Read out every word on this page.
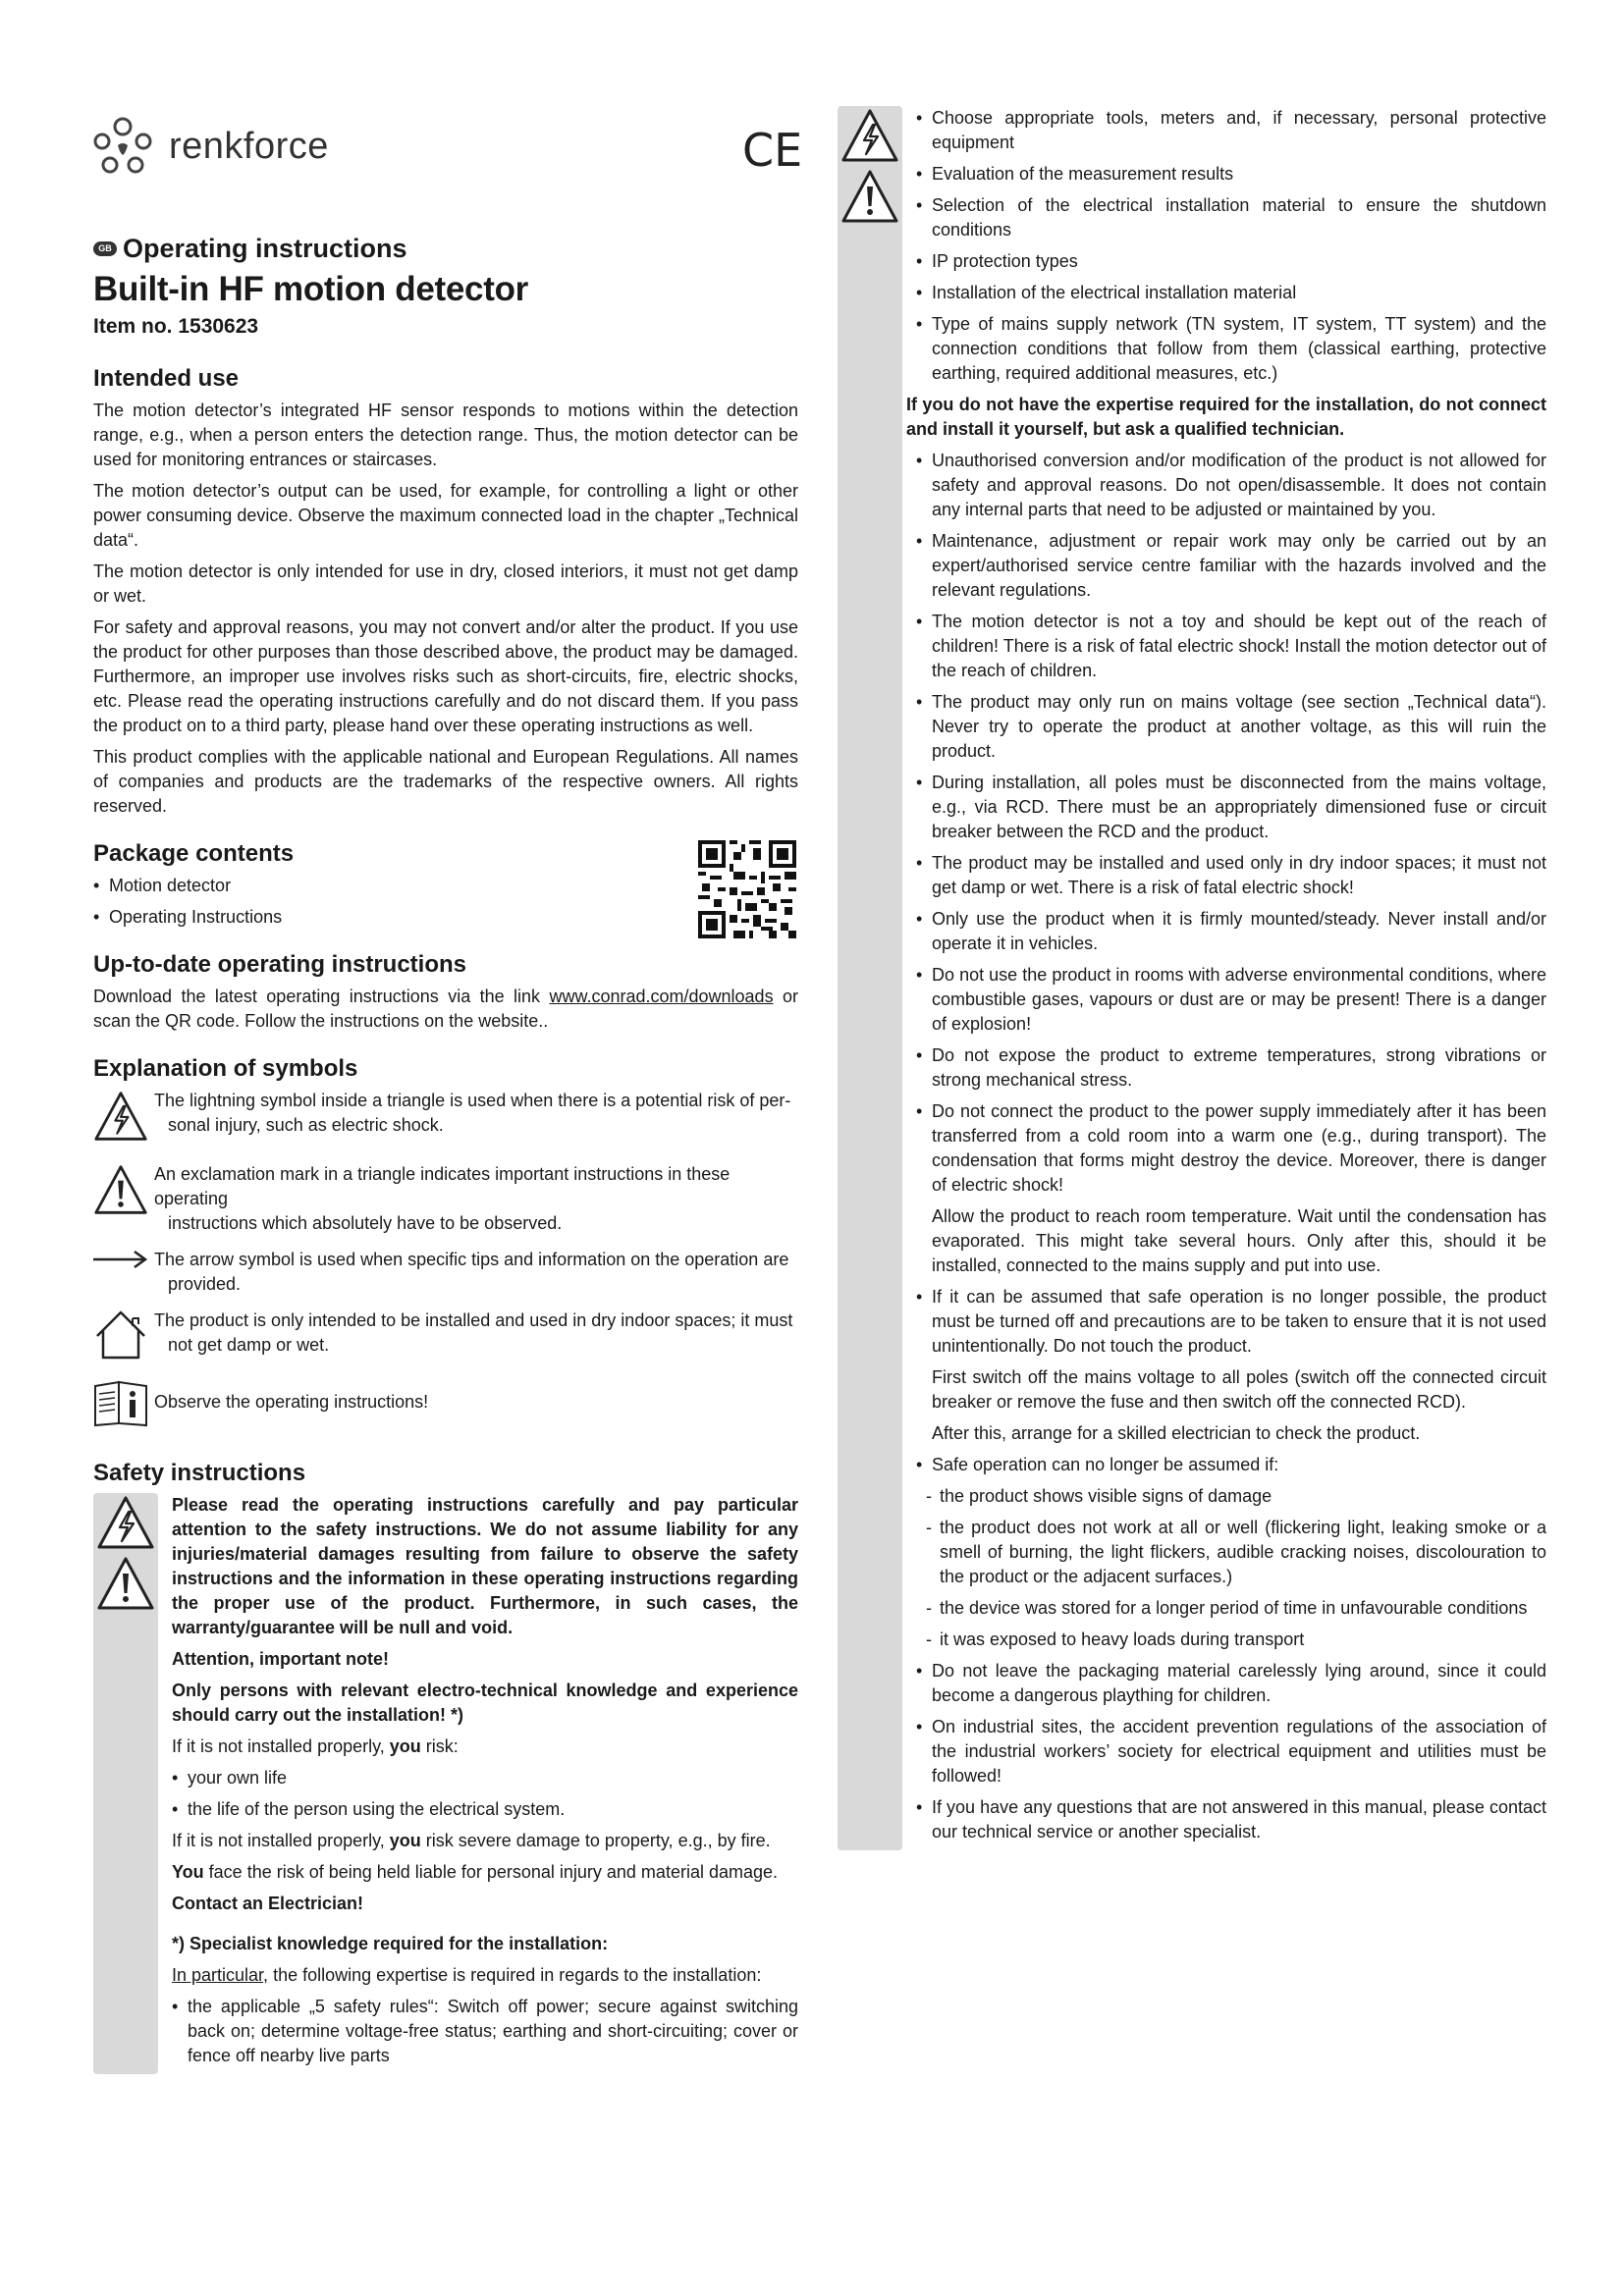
renkforce	CE
GB Operating instructions
Built-in HF motion detector
Item no. 1530623
Intended use

The motion detector’s integrated HF sensor responds to motions within the detection range, e.g., when a person enters the detection range. Thus, the motion detector can be used for monitoring entrances or staircases.

The motion detector’s output can be used, for example, for controlling a light or other power consuming device. Observe the maximum connected load in the chapter „Technical data“.

The motion detector is only intended for use in dry, closed interiors, it must not get damp or wet.

For safety and approval reasons, you may not convert and/or alter the product. If you use the product for other purposes than those described above, the product may be damaged. Furthermore, an improper use involves risks such as short-circuits, fire, electric shocks, etc. Please read the operating instructions carefully and do not discard them. If you pass the product on to a third party, please hand over these operating instructions as well.

This product complies with the applicable national and European Regulations. All names of companies and products are the trademarks of the respective owners. All rights reserved.

Package contents
• Motion detector
• Operating Instructions
Up-to-date operating instructions

Download the latest operating instructions via the link www.conrad.com/downloads or scan the QR code. Follow the instructions on the website..

Explanation of symbols
The lightning symbol inside a triangle is used when there is a potential risk of per-
sonal injury, such as electric shock.
An exclamation mark in a triangle indicates important instructions in these operating
instructions which absolutely have to be observed.
The arrow symbol is used when specific tips and information on the operation are
provided.
The product is only intended to be installed and used in dry indoor spaces; it must
not get damp or wet.
Observe the operating instructions!
Safety instructions

Please read the operating instructions carefully and pay particular attention to the safety instructions. We do not assume liability for any injuries/material damages resulting from failure to observe the safety instructions and the information in these operating instructions regarding the proper use of the product. Furthermore, in such cases, the warranty/guarantee will be null and void.

Attention, important note!

Only persons with relevant electro-technical knowledge and experience should carry out the installation! *)

If it is not installed properly, you risk:

• your own life
• the life of the person using the electrical system.

If it is not installed properly, you risk severe damage to property, e.g., by fire.

You face the risk of being held liable for personal injury and material damage.

Contact an Electrician!

*) Specialist knowledge required for the installation:

In particular, the following expertise is required in regards to the installation:

• the applicable „5 safety rules“: Switch off power; secure against switching back on; determine voltage-free status; earthing and short-circuiting; cover or fence off nearby live parts
• Choose appropriate tools, meters and, if necessary, personal protective equipment
• Evaluation of the measurement results
• Selection of the electrical installation material to ensure the shutdown conditions
• IP protection types
• Installation of the electrical installation material
• Type of mains supply network (TN system, IT system, TT system) and the connection conditions that follow from them (classical earthing, protective earthing, required additional measures, etc.)

If you do not have the expertise required for the installation, do not connect and install it yourself, but ask a qualified technician.

• Unauthorised conversion and/or modification of the product is not allowed for safety and approval reasons. Do not open/disassemble. It does not contain any internal parts that need to be adjusted or maintained by you.
• Maintenance, adjustment or repair work may only be carried out by an expert/authorised service centre familiar with the hazards involved and the relevant regulations.
• The motion detector is not a toy and should be kept out of the reach of children! There is a risk of fatal electric shock! Install the motion detector out of the reach of children.
• The product may only run on mains voltage (see section „Technical data“). Never try to operate the product at another voltage, as this will ruin the product.
• During installation, all poles must be disconnected from the mains voltage, e.g., via RCD. There must be an appropriately dimensioned fuse or circuit breaker between the RCD and the product.
• The product may be installed and used only in dry indoor spaces; it must not get damp or wet. There is a risk of fatal electric shock!
• Only use the product when it is firmly mounted/steady. Never install and/or operate it in vehicles.
• Do not use the product in rooms with adverse environmental conditions, where combustible gases, vapours or dust are or may be present! There is a danger of explosion!
• Do not expose the product to extreme temperatures, strong vibrations or strong mechanical stress.
• Do not connect the product to the power supply immediately after it has been transferred from a cold room into a warm one (e.g., during transport). The condensation that forms might destroy the device. Moreover, there is danger of electric shock!

Allow the product to reach room temperature. Wait until the condensation has evaporated. This might take several hours. Only after this, should it be installed, connected to the mains supply and put into use.

• If it can be assumed that safe operation is no longer possible, the product must be turned off and precautions are to be taken to ensure that it is not used unintentionally. Do not touch the product.

First switch off the mains voltage to all poles (switch off the connected circuit breaker or remove the fuse and then switch off the connected RCD).

After this, arrange for a skilled electrician to check the product.

• Safe operation can no longer be assumed if:
- the product shows visible signs of damage
- the product does not work at all or well (flickering light, leaking smoke or a smell of burning, the light flickers, audible cracking noises, discolouration to the product or the adjacent surfaces.)
- the device was stored for a longer period of time in unfavourable conditions
- it was exposed to heavy loads during transport
• Do not leave the packaging material carelessly lying around, since it could become a dangerous plaything for children.
• On industrial sites, the accident prevention regulations of the association of the industrial workers’ society for electrical equipment and utilities must be followed!
• If you have any questions that are not answered in this manual, please contact our technical service or another specialist.
